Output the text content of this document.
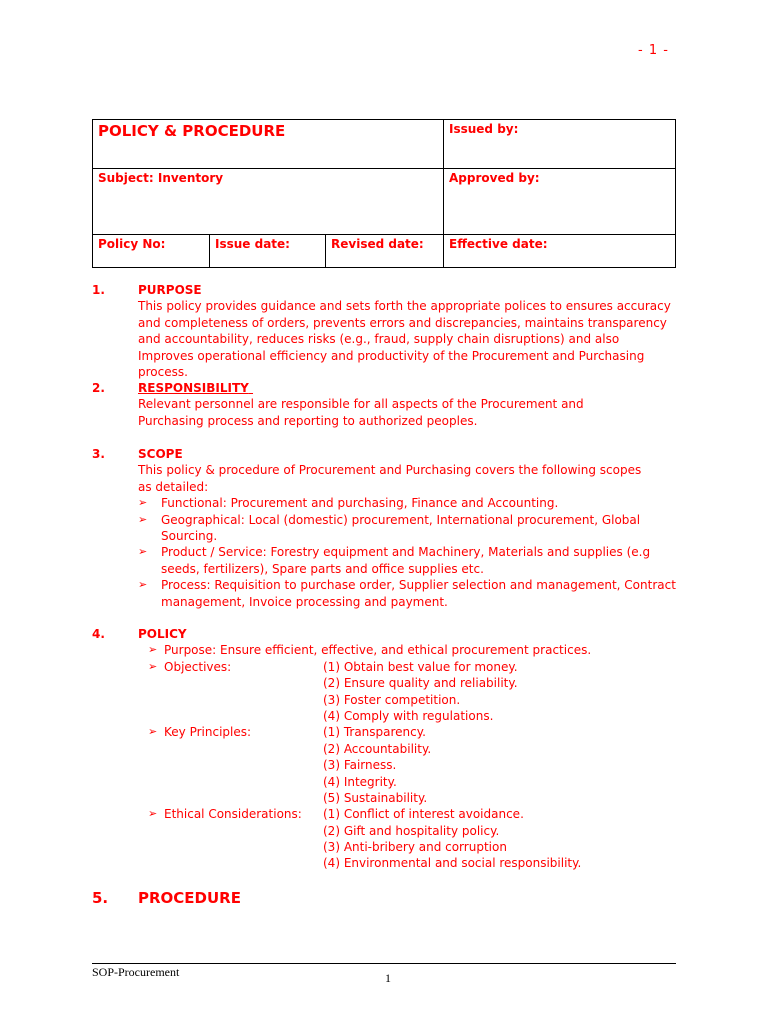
- 1 -
POLICY & PROCEDURE			Issued by:
Subject: Inventory			Approved by:
Policy No:	Issue date:	Revised date:	Effective date:
1.	PURPOSE
This policy provides guidance and sets forth the appropriate polices to ensures accuracy and completeness of orders, prevents errors and discrepancies, maintains transparency and accountability, reduces risks (e.g., fraud, supply chain disruptions) and also Improves operational efficiency and productivity of the Procurement and Purchasing process.
2.	RESPONSIBILITY
Relevant personnel are responsible for all aspects of the Procurement and Purchasing process and reporting to authorized peoples.
3.	SCOPE
This policy & procedure of Procurement and Purchasing covers the following scopes as detailed:
➢ Functional: Procurement and purchasing, Finance and Accounting.
➢ Geographical: Local (domestic) procurement, International procurement, Global Sourcing.
➢ Product / Service: Forestry equipment and Machinery, Materials and supplies (e.g seeds, fertilizers), Spare parts and office supplies etc.
➢ Process: Requisition to purchase order, Supplier selection and management, Contract management, Invoice processing and payment.
4.	POLICY
➢ Purpose: Ensure efficient, effective, and ethical procurement practices.
➢ Objectives:	(1) Obtain best value for money.
(2) Ensure quality and reliability.
(3) Foster competition.
(4) Comply with regulations.
➢ Key Principles:	(1) Transparency.
(2) Accountability.
(3) Fairness.
(4) Integrity.
(5) Sustainability.
➢ Ethical Considerations: (1) Conflict of interest avoidance.
(2) Gift and hospitality policy.
(3) Anti-bribery and corruption
(4) Environmental and social responsibility.
5. PROCEDURE
SOP-Procurement	1
